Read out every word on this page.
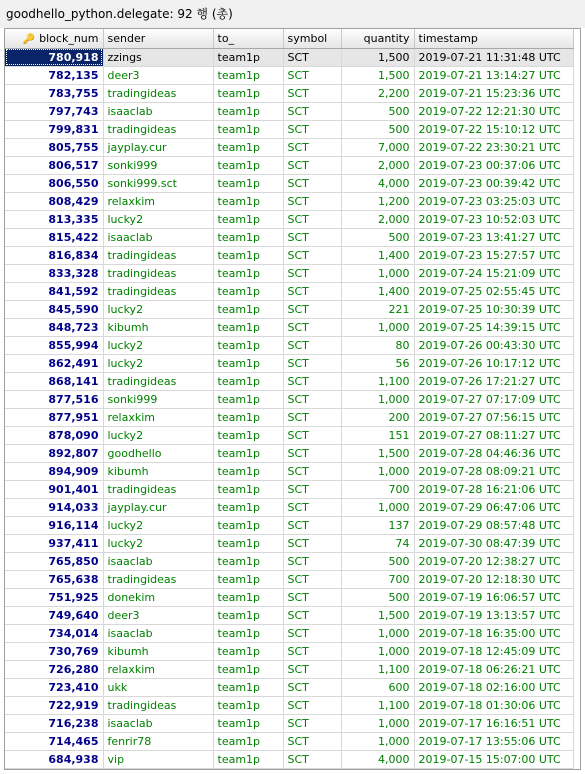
goodhello_python.delegate: 92 행 (총)
🔑 block_num	sender	to_	symbol	quantity	timestamp
780,918	zzings	team1p	SCT	1,500	2019-07-21 11:31:48 UTC
782,135	deer3	team1p	SCT	1,500	2019-07-21 13:14:27 UTC
783,755	tradingideas	team1p	SCT	2,200	2019-07-21 15:23:36 UTC
797,743	isaaclab	team1p	SCT	500	2019-07-22 12:21:30 UTC
799,831	tradingideas	team1p	SCT	500	2019-07-22 15:10:12 UTC
805,755	jayplay.cur	team1p	SCT	7,000	2019-07-22 23:30:21 UTC
806,517	sonki999	team1p	SCT	2,000	2019-07-23 00:37:06 UTC
806,550	sonki999.sct	team1p	SCT	4,000	2019-07-23 00:39:42 UTC
808,429	relaxkim	team1p	SCT	1,200	2019-07-23 03:25:03 UTC
813,335	lucky2	team1p	SCT	2,000	2019-07-23 10:52:03 UTC
815,422	isaaclab	team1p	SCT	500	2019-07-23 13:41:27 UTC
816,834	tradingideas	team1p	SCT	1,400	2019-07-23 15:27:57 UTC
833,328	tradingideas	team1p	SCT	1,000	2019-07-24 15:21:09 UTC
841,592	tradingideas	team1p	SCT	1,400	2019-07-25 02:55:45 UTC
845,590	lucky2	team1p	SCT	221	2019-07-25 10:30:39 UTC
848,723	kibumh	team1p	SCT	1,000	2019-07-25 14:39:15 UTC
855,994	lucky2	team1p	SCT	80	2019-07-26 00:43:30 UTC
862,491	lucky2	team1p	SCT	56	2019-07-26 10:17:12 UTC
868,141	tradingideas	team1p	SCT	1,100	2019-07-26 17:21:27 UTC
877,516	sonki999	team1p	SCT	1,000	2019-07-27 07:17:09 UTC
877,951	relaxkim	team1p	SCT	200	2019-07-27 07:56:15 UTC
878,090	lucky2	team1p	SCT	151	2019-07-27 08:11:27 UTC
892,807	goodhello	team1p	SCT	1,500	2019-07-28 04:46:36 UTC
894,909	kibumh	team1p	SCT	1,000	2019-07-28 08:09:21 UTC
901,401	tradingideas	team1p	SCT	700	2019-07-28 16:21:06 UTC
914,033	jayplay.cur	team1p	SCT	1,000	2019-07-29 06:47:06 UTC
916,114	lucky2	team1p	SCT	137	2019-07-29 08:57:48 UTC
937,411	lucky2	team1p	SCT	74	2019-07-30 08:47:39 UTC
765,850	isaaclab	team1p	SCT	500	2019-07-20 12:38:27 UTC
765,638	tradingideas	team1p	SCT	700	2019-07-20 12:18:30 UTC
751,925	donekim	team1p	SCT	500	2019-07-19 16:06:57 UTC
749,640	deer3	team1p	SCT	1,500	2019-07-19 13:13:57 UTC
734,014	isaaclab	team1p	SCT	1,000	2019-07-18 16:35:00 UTC
730,769	kibumh	team1p	SCT	1,000	2019-07-18 12:45:09 UTC
726,280	relaxkim	team1p	SCT	1,100	2019-07-18 06:26:21 UTC
723,410	ukk	team1p	SCT	600	2019-07-18 02:16:00 UTC
722,919	tradingideas	team1p	SCT	1,100	2019-07-18 01:30:06 UTC
716,238	isaaclab	team1p	SCT	1,000	2019-07-17 16:16:51 UTC
714,465	fenrir78	team1p	SCT	1,000	2019-07-17 13:55:06 UTC
684,938	vip	team1p	SCT	4,000	2019-07-15 15:07:00 UTC
